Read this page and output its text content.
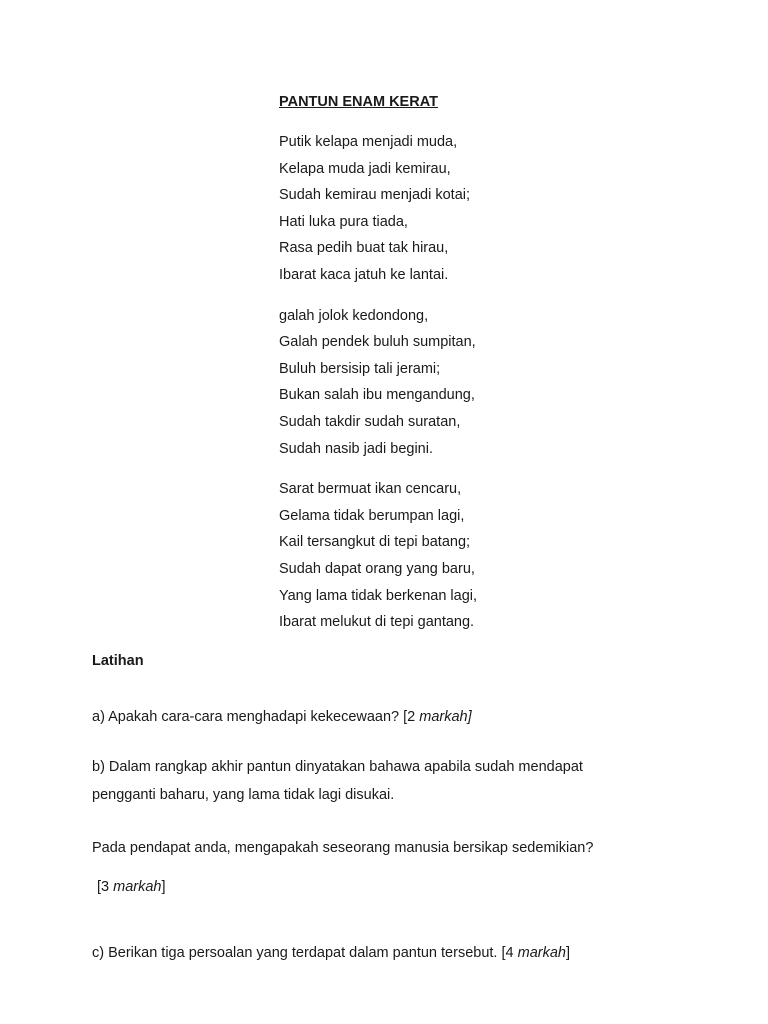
PANTUN ENAM KERAT
Putik kelapa menjadi muda,
Kelapa muda jadi kemirau,
Sudah kemirau menjadi kotai;
Hati luka pura tiada,
Rasa pedih buat tak hirau,
Ibarat kaca jatuh ke lantai.
galah jolok kedondong,
Galah pendek buluh sumpitan,
Buluh bersisip tali jerami;
Bukan salah ibu mengandung,
Sudah takdir sudah suratan,
Sudah nasib jadi begini.
Sarat bermuat ikan cencaru,
Gelama tidak berumpan lagi,
Kail tersangkut di tepi batang;
Sudah dapat orang yang baru,
Yang lama tidak berkenan lagi,
Ibarat melukut di tepi gantang.
Latihan
a) Apakah cara-cara menghadapi kekecewaan? [2 markah]
b) Dalam rangkap akhir pantun dinyatakan bahawa apabila sudah mendapat
pengganti baharu, yang lama tidak lagi disukai.
Pada pendapat anda, mengapakah seseorang manusia bersikap sedemikian?
[3 markah]
c) Berikan tiga persoalan yang terdapat dalam pantun tersebut. [4 markah]
